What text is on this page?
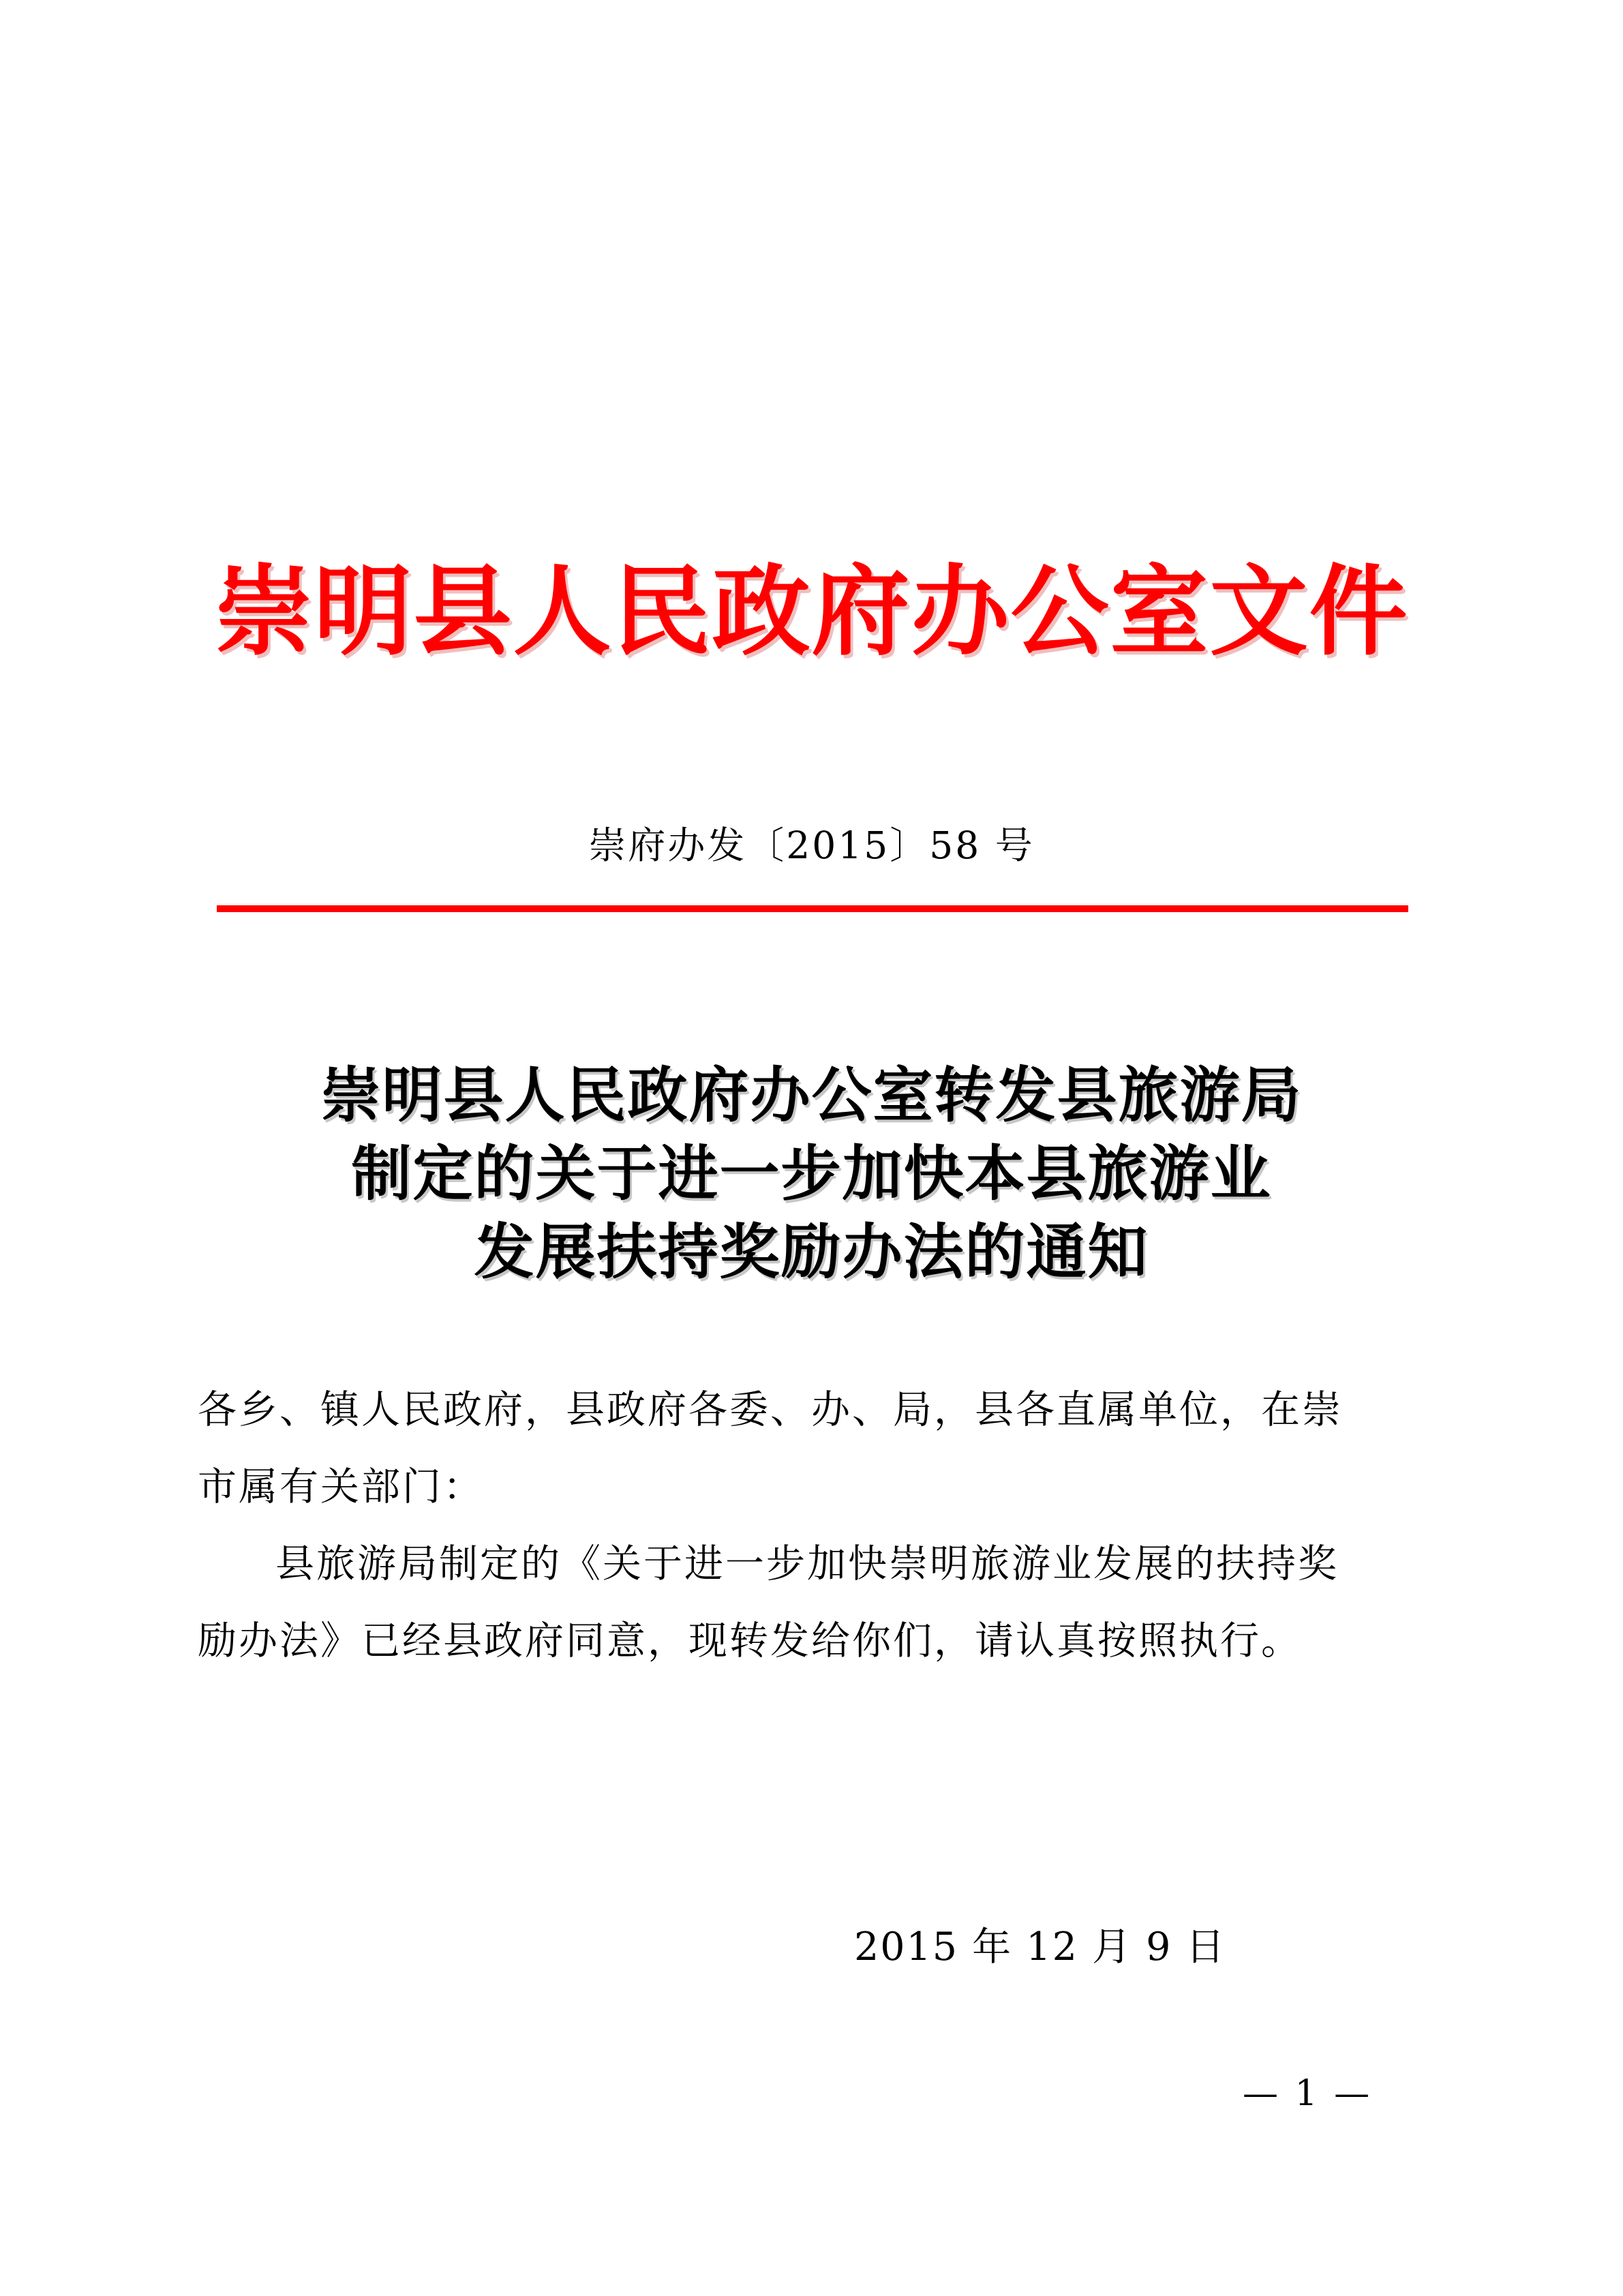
崇明县人民政府办公室文件
崇府办发〔2015〕58 号
崇明县人民政府办公室转发县旅游局
制定的关于进一步加快本县旅游业
发展扶持奖励办法的通知
各乡、镇人民政府，县政府各委、办、局，县各直属单位，在崇
市属有关部门：
县旅游局制定的《关于进一步加快崇明旅游业发展的扶持奖
励办法》已经县政府同意，现转发给你们，请认真按照执行。
2015 年 12 月 9 日
— 1 —
